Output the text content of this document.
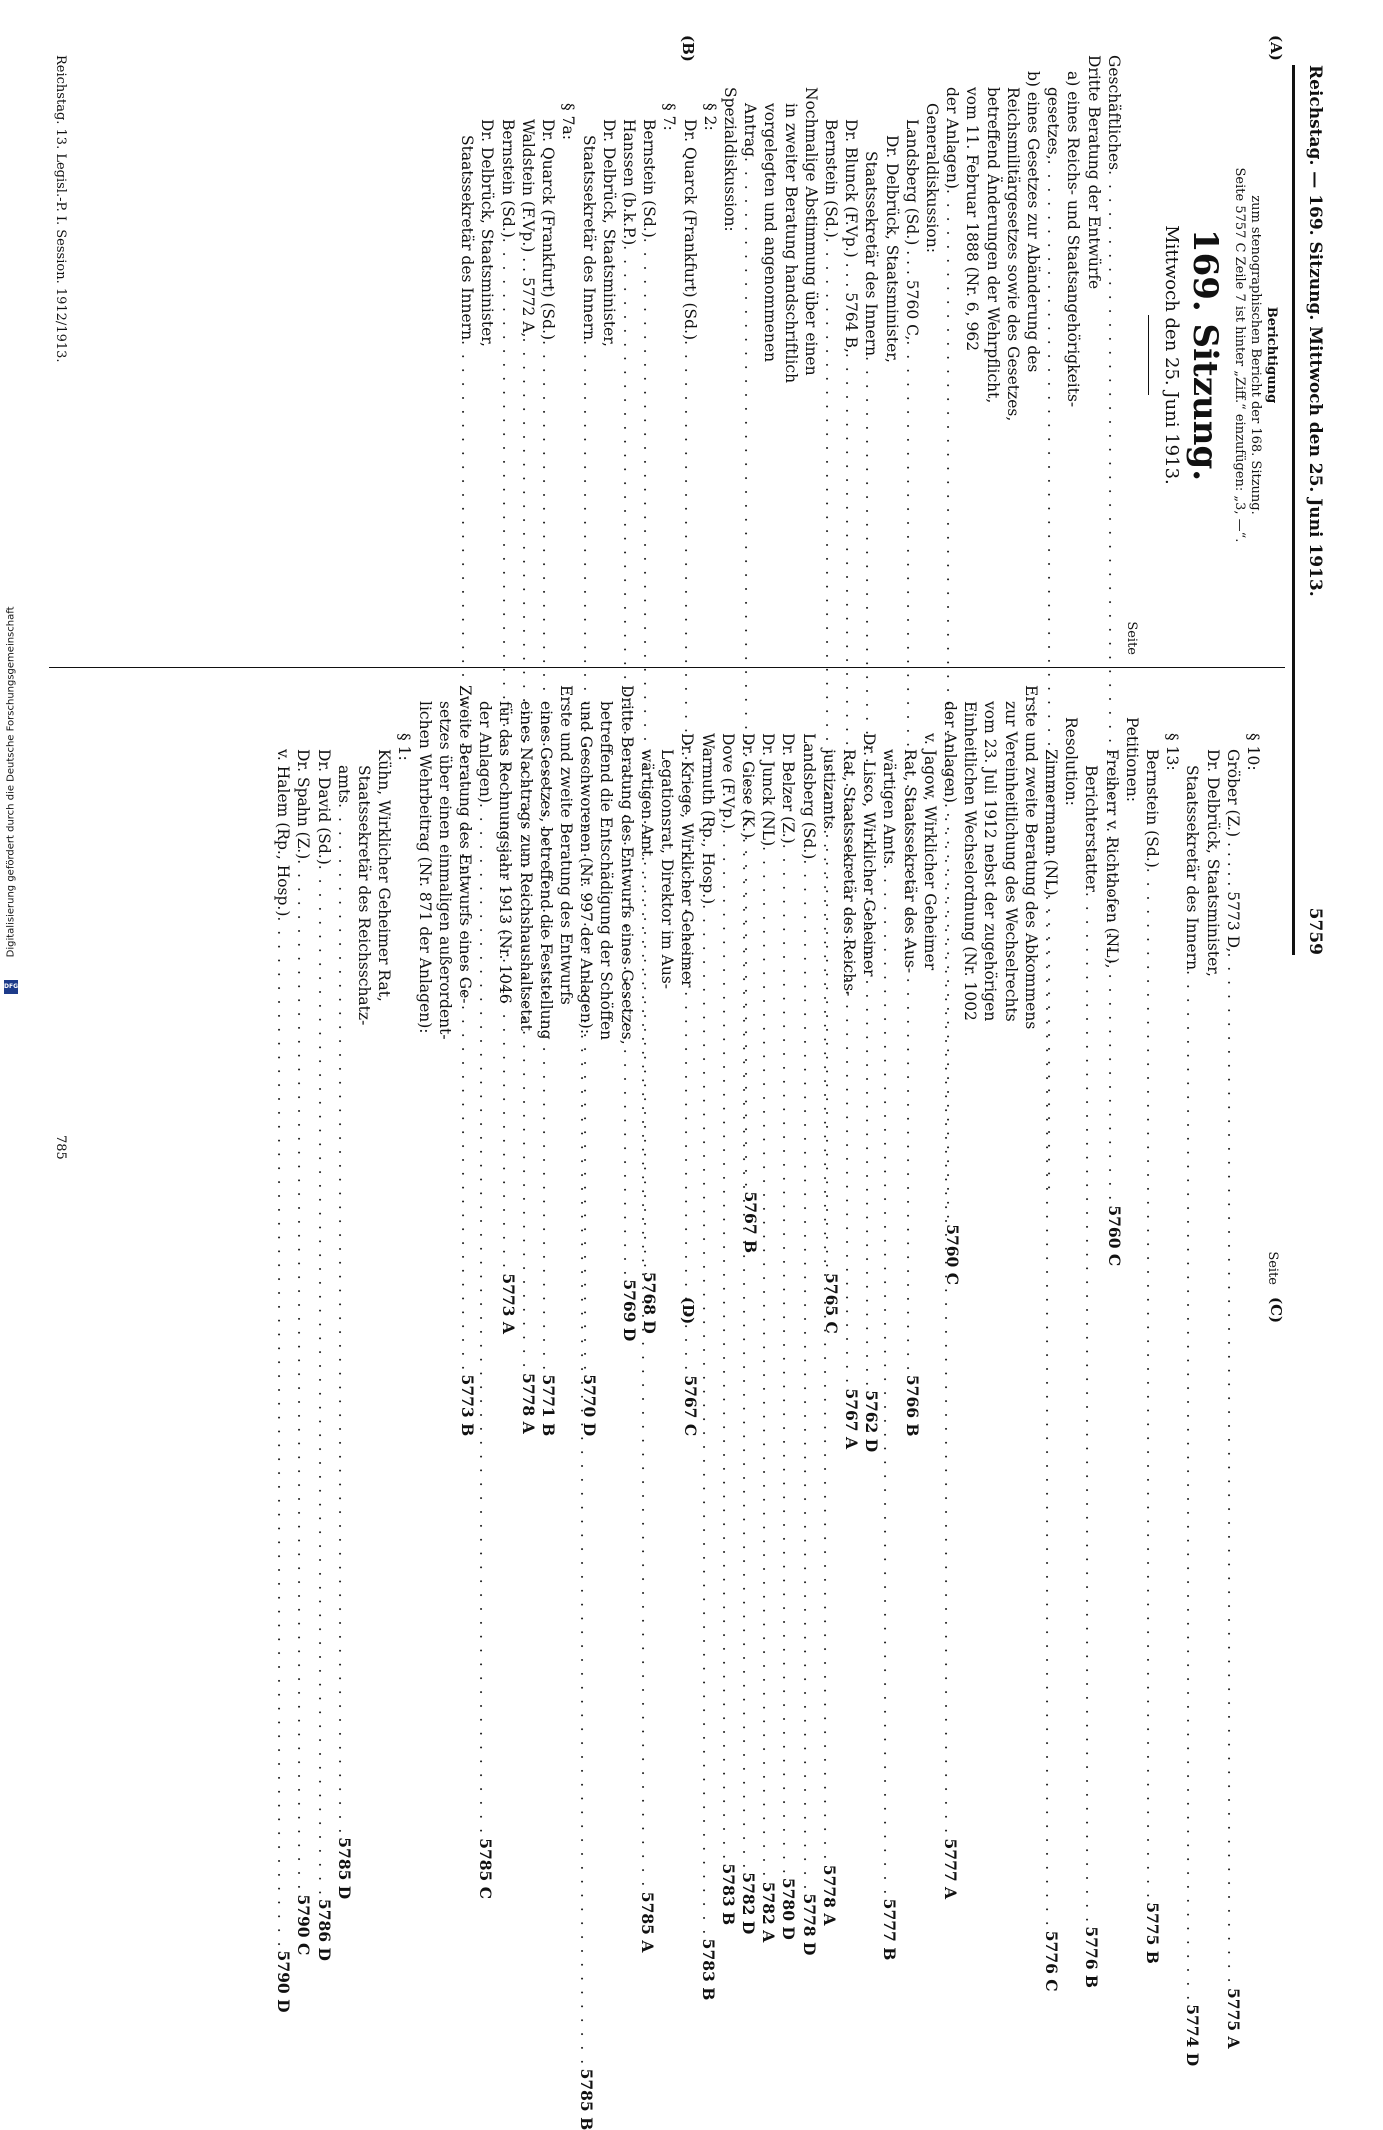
Reichstag. — 169. Sitzung. Mittwoch den 25. Juni 1913.
5759
(A)
(B)
(C)
(D)
Berichtigung
zum stenographischen Bericht der 168. Sitzung.
Seite 5757 C Zeile 7 ist hinter „Ziff.“ einzufügen: „3, —“.
169. Sitzung.
Mittwoch den 25. Juni 1913.
Seite
Geschäftliches
. . .
5760 C
Dritte Beratung der Entwürfe
a) eines Reichs- und Staatsangehörigkeits-
gesetzes,
. . .
b) eines Gesetzes zur Abänderung des
Reichsmilitärgesetzes sowie des Gesetzes,
betreffend Änderungen der Wehrpflicht,
vom 11. Februar 1888 (Nr. 6, 962
der Anlagen)
. . .
5760 C
Generaldiskussion:
Landsberg (Sd.) . . . 5760 C,
. . .
5766 B
Dr. Delbrück, Staatsminister,
Staatssekretär des Innern
. . .
5762 D
Dr. Blunck (F.Vp.) . . . 5764 B,
. . .
5767 A
Bernstein (Sd.)
. . .
5765 C
Nochmalige Abstimmung über einen
in zweiter Beratung handschriftlich
vorgelegten und angenommenen
Antrag
. . .
5767 B
Spezialdiskussion:
§ 2:
Dr. Quarck (Frankfurt) (Sd.)
. . .
5767 C
§ 7:
Bernstein (Sd.)
. . .
5768 D
Hanssen (b.k.P.)
. . .
5769 D
Dr. Delbrück, Staatsminister,
Staatssekretär des Innern
. . .
5770 D
§ 7a:
Dr. Quarck (Frankfurt) (Sd.)
. . .
5771 B
Waldstein (F.Vp.) . . 5772 A,
. . .
5778 A
Bernstein (Sd.)
. . .
5773 A
Dr. Delbrück, Staatsminister,
Staatssekretär des Innern
. . .
5773 B
Seite
§ 10:
Gröber (Z.) . . . . . 5773 D,
. . .
5775 A
Dr. Delbrück, Staatsminister,
Staatssekretär des Innern
. . .
5774 D
§ 13:
Bernstein (Sd.)
. . .
5775 B
Petitionen:
Freiherr v. Richthofen (NL),
Berichterstatter
. . .
5776 B
Resolution:
Zimmermann (NL)
. . .
5776 C
Erste und zweite Beratung des Abkommens
zur Vereinheitlichung des Wechselrechts
vom 23. Juli 1912 nebst der zugehörigen
Einheitlichen Wechselordnung (Nr. 1002
der Anlagen)
. . .
5777 A
v. Jagow, Wirklicher Geheimer
Rat, Staatssekretär des Aus-
wärtigen Amts
. . .
5777 B
Dr. Lisco, Wirklicher Geheimer
Rat, Staatssekretär des Reichs-
justizamts
. . .
5778 A
Landsberg (Sd.)
. . .
5778 D
Dr. Belzer (Z.)
. . .
5780 D
Dr. Junck (NL)
. . .
5782 A
Dr. Giese (K.)
. . .
5782 D
Dove (F.Vp.)
. . .
5783 B
Warmuth (Rp., Hosp.)
. . .
5783 B
Dr. Kriege, Wirklicher Geheimer
Legationsrat, Direktor im Aus-
wärtigen Amt
. . .
5785 A
Dritte Beratung des Entwurfs eines Gesetzes,
betreffend die Entschädigung der Schöffen
und Geschworenen (Nr. 997 der Anlagen):
. . .
5785 B
Erste und zweite Beratung des Entwurfs
eines Gesetzes, betreffend die Feststellung
eines Nachtrags zum Reichshaushaltsetat
für das Rechnungsjahr 1913 (Nr. 1046
der Anlagen)
. . .
5785 C
Zweite Beratung des Entwurfs eines Ge-
setzes über einen einmaligen außerordent-
lichen Wehrbeitrag (Nr. 871 der Anlagen):
§ 1:
Kühn, Wirklicher Geheimer Rat,
Staatssekretär des Reichsschatz-
amts
. . .
5785 D
Dr. David (Sd.)
. . .
5786 D
Dr. Spahn (Z.)
. . .
5790 C
v. Halem (Rp., Hosp.)
. . .
5790 D
Reichstag. 13. Legisl.-P. I. Session. 1912/1913.
785
Digitalisierung gefördert durch die Deutsche Forschungsgemeinschaft
DFG
